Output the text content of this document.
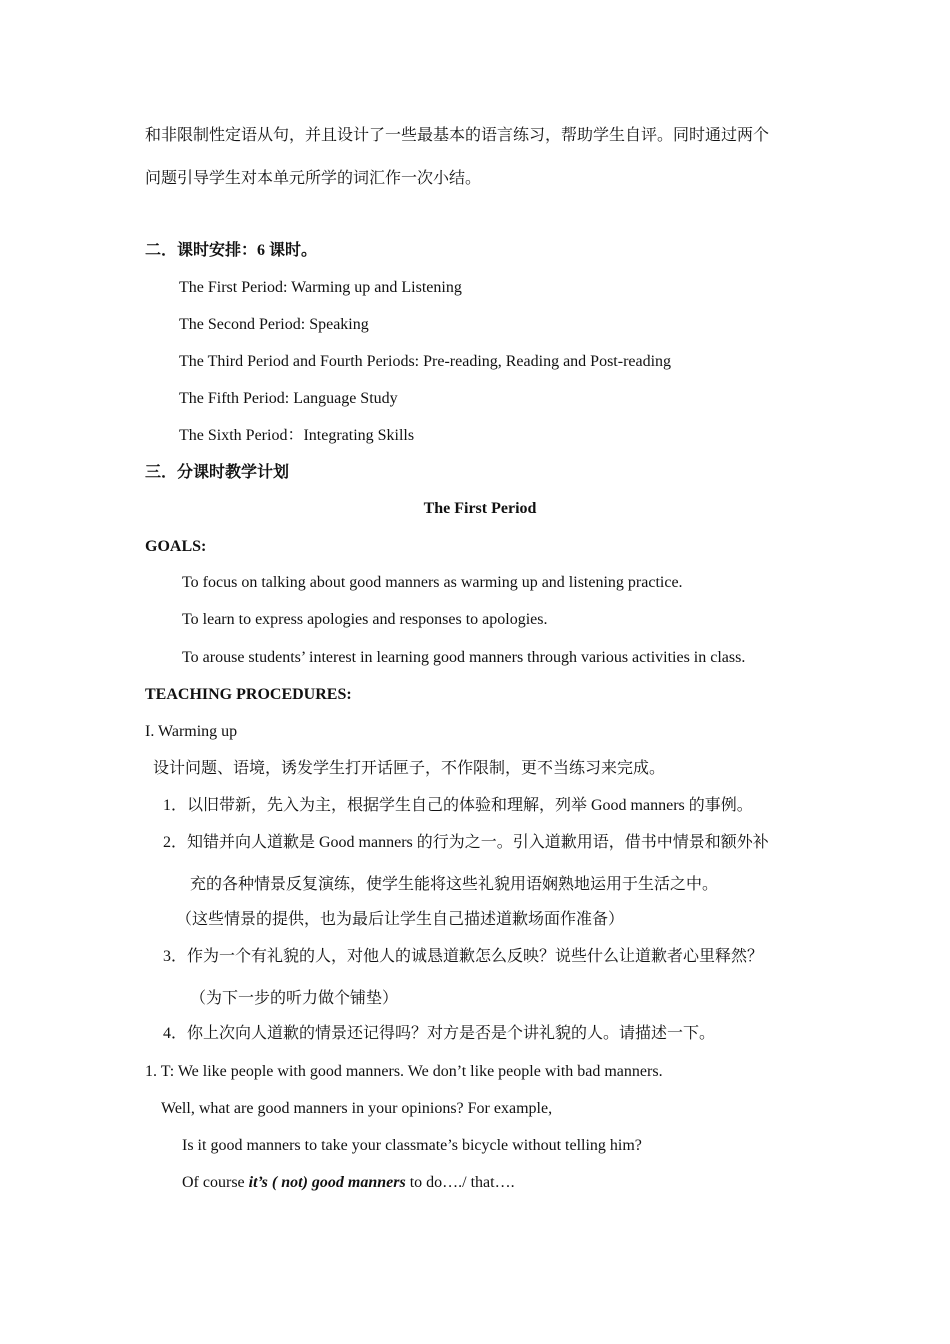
和非限制性定语从句，并且设计了一些最基本的语言练习，帮助学生自评。同时通过两个
问题引导学生对本单元所学的词汇作一次小结。
二．课时安排：6 课时。
The First Period: Warming up and Listening
The Second Period: Speaking
The Third Period and Fourth Periods: Pre-reading, Reading and Post-reading
The Fifth Period: Language Study
The Sixth Period：Integrating Skills
三．分课时教学计划
The First Period
GOALS:
To focus on talking about good manners as warming up and listening practice.
To learn to express apologies and responses to apologies.
To arouse students’ interest in learning good manners through various activities in class.
TEACHING PROCEDURES:
I. Warming up
设计问题、语境，诱发学生打开话匣子，不作限制，更不当练习来完成。
1．以旧带新，先入为主，根据学生自己的体验和理解，列举 Good manners 的事例。
2．知错并向人道歉是 Good manners 的行为之一。引入道歉用语，借书中情景和额外补
充的各种情景反复演练，使学生能将这些礼貌用语娴熟地运用于生活之中。
（这些情景的提供，也为最后让学生自己描述道歉场面作准备）
3．作为一个有礼貌的人，对他人的诚恳道歉怎么反映？说些什么让道歉者心里释然？
（为下一步的听力做个铺垫）
4．你上次向人道歉的情景还记得吗？对方是否是个讲礼貌的人。请描述一下。
1. T: We like people with good manners. We don’t like people with bad manners.
Well, what are good manners in your opinions? For example,
Is it good manners to take your classmate’s bicycle without telling him?
Of course it’s ( not) good manners to do…./ that….
